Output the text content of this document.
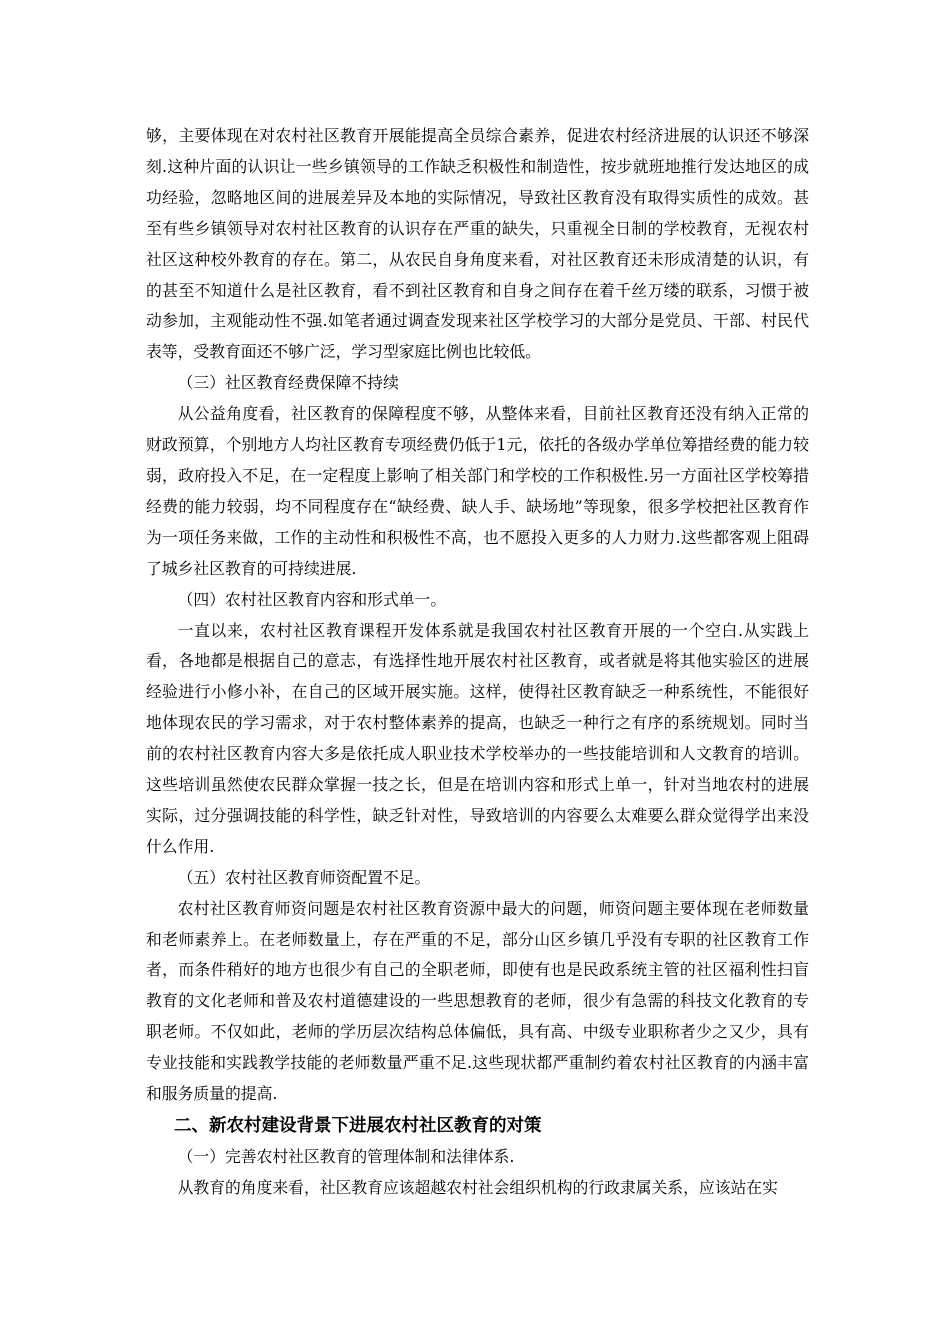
够，主要体现在对农村社区教育开展能提高全员综合素养，促进农村经济进展的认识还不够深刻.这种片面的认识让一些乡镇领导的工作缺乏积极性和制造性，按步就班地推行发达地区的成功经验，忽略地区间的进展差异及本地的实际情况，导致社区教育没有取得实质性的成效。甚至有些乡镇领导对农村社区教育的认识存在严重的缺失，只重视全日制的学校教育，无视农村社区这种校外教育的存在。第二，从农民自身角度来看，对社区教育还未形成清楚的认识，有的甚至不知道什么是社区教育，看不到社区教育和自身之间存在着千丝万缕的联系，习惯于被动参加，主观能动性不强.如笔者通过调查发现来社区学校学习的大部分是党员、干部、村民代表等，受教育面还不够广泛，学习型家庭比例也比较低。

（三）社区教育经费保障不持续

从公益角度看，社区教育的保障程度不够，从整体来看，目前社区教育还没有纳入正常的财政预算，个别地方人均社区教育专项经费仍低于1元，依托的各级办学单位筹措经费的能力较弱，政府投入不足，在一定程度上影响了相关部门和学校的工作积极性.另一方面社区学校筹措经费的能力较弱，均不同程度存在“缺经费、缺人手、缺场地”等现象，很多学校把社区教育作为一项任务来做，工作的主动性和积极性不高，也不愿投入更多的人力财力.这些都客观上阻碍了城乡社区教育的可持续进展.

（四）农村社区教育内容和形式单一。

一直以来，农村社区教育课程开发体系就是我国农村社区教育开展的一个空白.从实践上看，各地都是根据自己的意志，有选择性地开展农村社区教育，或者就是将其他实验区的进展经验进行小修小补，在自己的区域开展实施。这样，使得社区教育缺乏一种系统性，不能很好地体现农民的学习需求，对于农村整体素养的提高，也缺乏一种行之有序的系统规划。同时当前的农村社区教育内容大多是依托成人职业技术学校举办的一些技能培训和人文教育的培训。这些培训虽然使农民群众掌握一技之长，但是在培训内容和形式上单一，针对当地农村的进展实际，过分强调技能的科学性，缺乏针对性，导致培训的内容要么太难要么群众觉得学出来没什么作用.

（五）农村社区教育师资配置不足。

农村社区教育师资问题是农村社区教育资源中最大的问题，师资问题主要体现在老师数量和老师素养上。在老师数量上，存在严重的不足，部分山区乡镇几乎没有专职的社区教育工作者，而条件稍好的地方也很少有自己的全职老师，即使有也是民政系统主管的社区福利性扫盲教育的文化老师和普及农村道德建设的一些思想教育的老师，很少有急需的科技文化教育的专职老师。不仅如此，老师的学历层次结构总体偏低，具有高、中级专业职称者少之又少，具有专业技能和实践教学技能的老师数量严重不足.这些现状都严重制约着农村社区教育的内涵丰富和服务质量的提高.

二、新农村建设背景下进展农村社区教育的对策

（一）完善农村社区教育的管理体制和法律体系.

从教育的角度来看，社区教育应该超越农村社会组织机构的行政隶属关系，应该站在实
